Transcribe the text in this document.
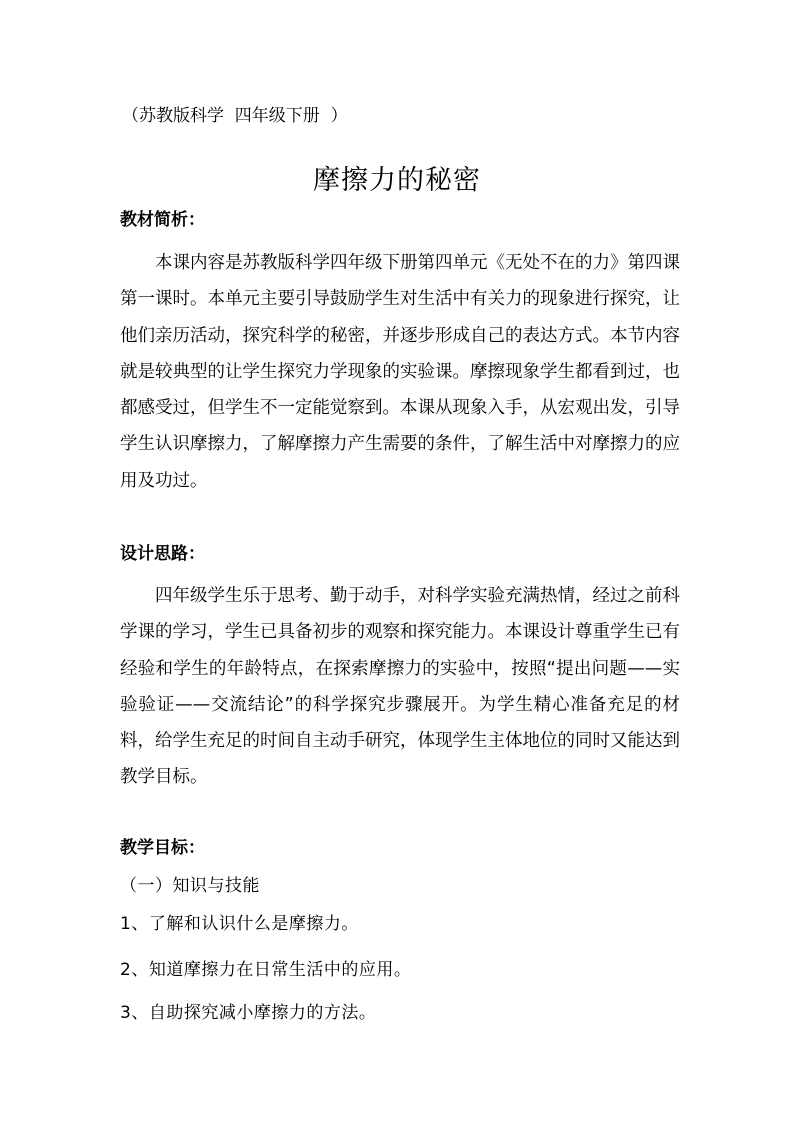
（苏教版科学  四年级下册  ）
摩擦力的秘密
教材简析：
本课内容是苏教版科学四年级下册第四单元《无处不在的力》第四课第一课时。本单元主要引导鼓励学生对生活中有关力的现象进行探究，让他们亲历活动，探究科学的秘密，并逐步形成自己的表达方式。本节内容就是较典型的让学生探究力学现象的实验课。摩擦现象学生都看到过，也都感受过，但学生不一定能觉察到。本课从现象入手，从宏观出发，引导学生认识摩擦力，了解摩擦力产生需要的条件，了解生活中对摩擦力的应用及功过。
设计思路：
四年级学生乐于思考、勤于动手，对科学实验充满热情，经过之前科学课的学习，学生已具备初步的观察和探究能力。本课设计尊重学生已有经验和学生的年龄特点，在探索摩擦力的实验中，按照“提出问题——实验验证——交流结论”的科学探究步骤展开。为学生精心准备充足的材料，给学生充足的时间自主动手研究，体现学生主体地位的同时又能达到教学目标。
教学目标：
（一）知识与技能
1、了解和认识什么是摩擦力。
2、知道摩擦力在日常生活中的应用。
3、自助探究减小摩擦力的方法。
